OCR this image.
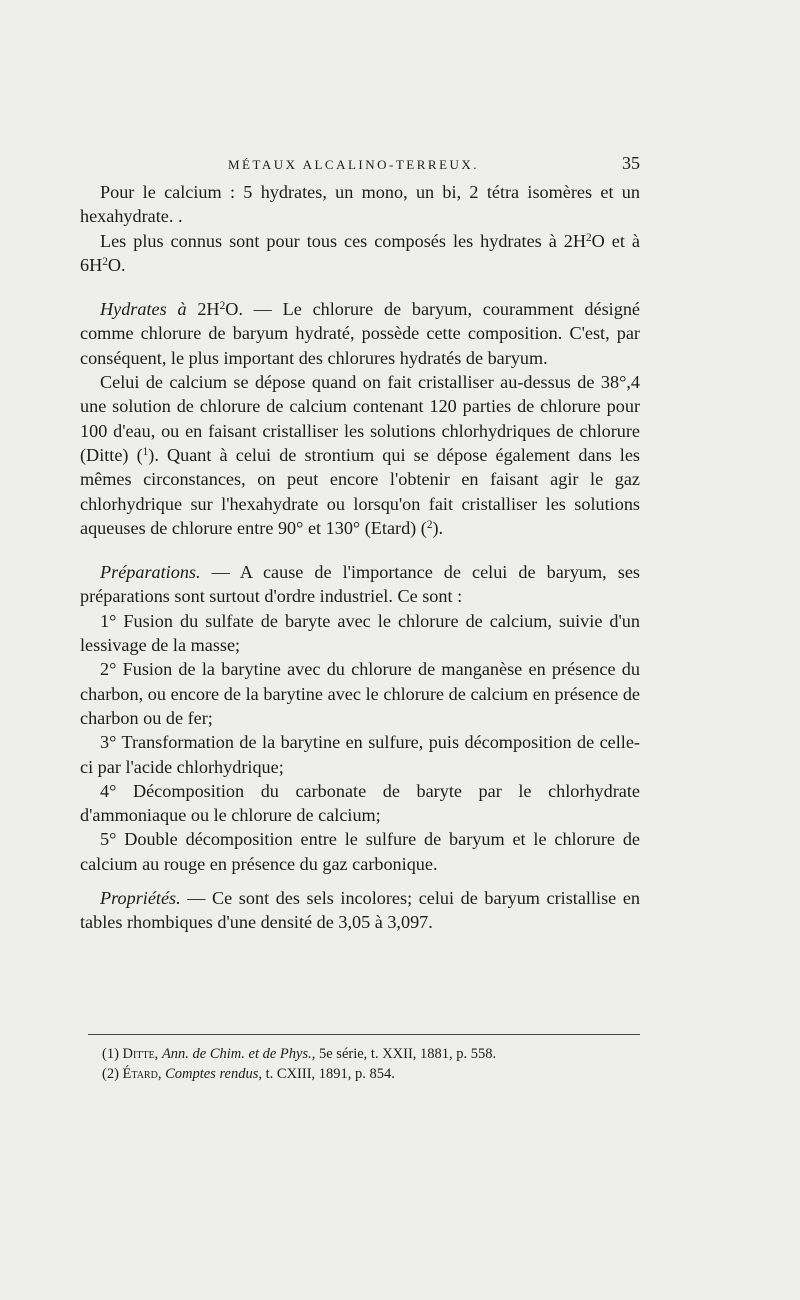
MÉTAUX ALCALINO-TERREUX.	35

Pour le calcium : 5 hydrates, un mono, un bi, 2 tétra isomères et un hexahydrate. .

Les plus connus sont pour tous ces composés les hydrates à $2H^2O$ et à $6H^2O$.

Hydrates à $2H^2O$. — Le chlorure de baryum, couramment désigné comme chlorure de baryum hydraté, possède cette composition. C'est, par conséquent, le plus important des chlorures hydratés de baryum.

Celui de calcium se dépose quand on fait cristalliser au-dessus de 38°,4 une solution de chlorure de calcium contenant 120 parties de chlorure pour 100 d'eau, ou en faisant cristalliser les solutions chlorhydriques de chlorure (Ditte) ($^1$). Quant à celui de strontium qui se dépose également dans les mêmes circonstances, on peut encore l'obtenir en faisant agir le gaz chlorhydrique sur l'hexahydrate ou lorsqu'on fait cristalliser les solutions aqueuses de chlorure entre 90° et 130° (Etard) ($^2$).

Préparations. — A cause de l'importance de celui de baryum, ses préparations sont surtout d'ordre industriel. Ce sont :

1° Fusion du sulfate de baryte avec le chlorure de calcium, suivie d'un lessivage de la masse;

2° Fusion de la barytine avec du chlorure de manganèse en présence du charbon, ou encore de la barytine avec le chlorure de calcium en présence de charbon ou de fer;

3° Transformation de la barytine en sulfure, puis décomposition de celle-ci par l'acide chlorhydrique;

4° Décomposition du carbonate de baryte par le chlorhydrate d'ammoniaque ou le chlorure de calcium;

5° Double décomposition entre le sulfure de baryum et le chlorure de calcium au rouge en présence du gaz carbonique.

Propriétés. — Ce sont des sels incolores; celui de baryum cristallise en tables rhombiques d'une densité de 3,05 à 3,097.

(1) Ditte, Ann. de Chim. et de Phys., 5e série, t. XXII, 1881, p. 558.

(2) Étard, Comptes rendus, t. CXIII, 1891, p. 854.
